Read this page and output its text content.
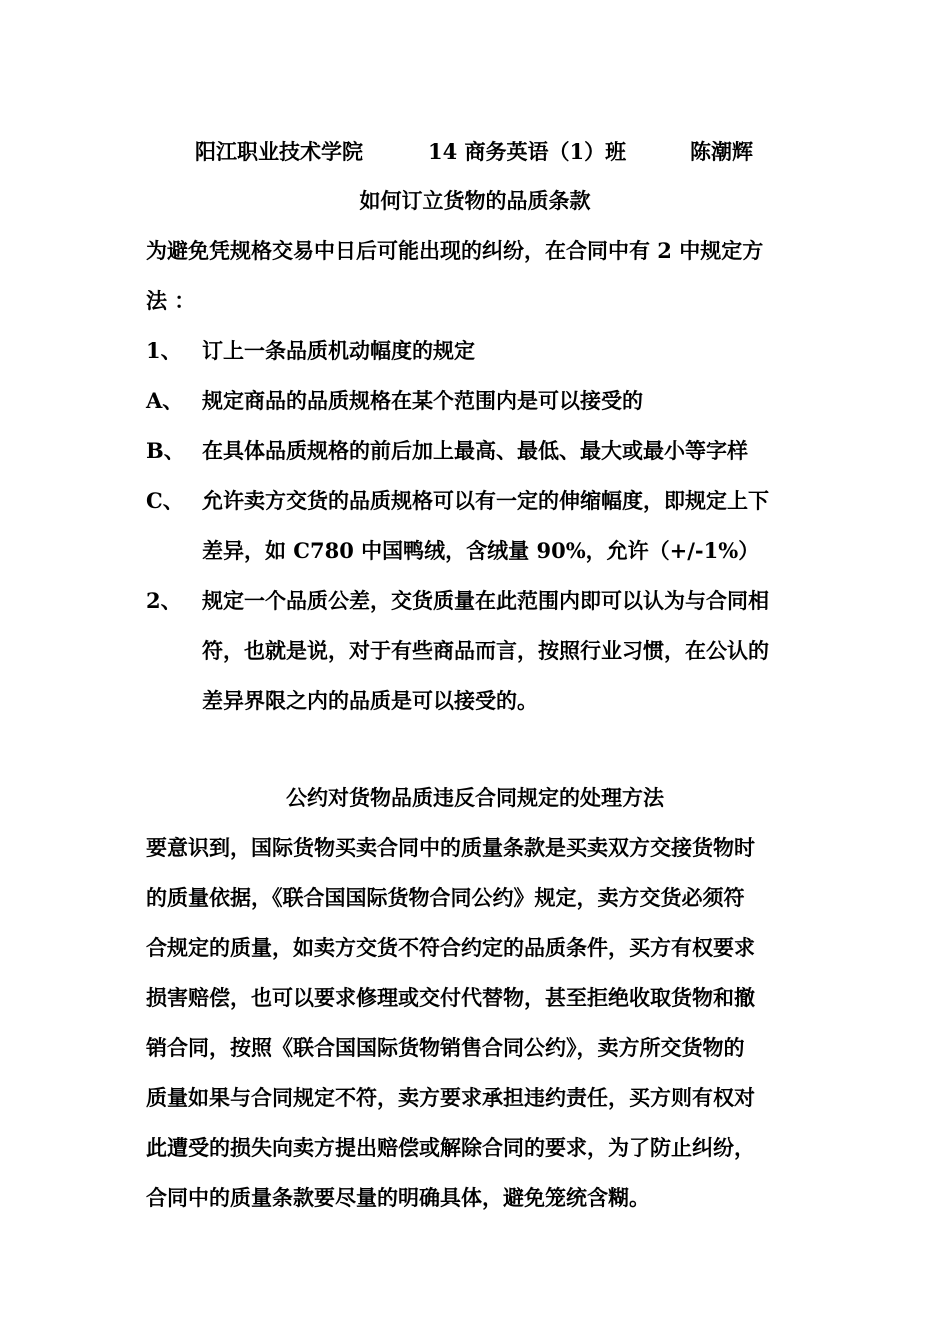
阳江职业技术学院	14 商务英语（1）班	陈潮辉
如何订立货物的品质条款
为避免凭规格交易中日后可能出现的纠纷，在合同中有 2 中规定方
法 ：
1、 订上一条品质机动幅度的规定
A、 规定商品的品质规格在某个范围内是可以接受的
B、 在具体品质规格的前后加上最高、最低、最大或最小等字样
C、 允许卖方交货的品质规格可以有一定的伸缩幅度，即规定上下
差异，如 C780 中国鸭绒，含绒量 90%，允许（+/-1%）
2、 规定一个品质公差，交货质量在此范围内即可以认为与合同相
符，也就是说，对于有些商品而言，按照行业习惯，在公认的
差异界限之内的品质是可以接受的。
公约对货物品质违反合同规定的处理方法
要意识到，国际货物买卖合同中的质量条款是买卖双方交接货物时
的质量依据，《联合国国际货物合同公约》规定，卖方交货必须符
合规定的质量，如卖方交货不符合约定的品质条件，买方有权要求
损害赔偿，也可以要求修理或交付代替物，甚至拒绝收取货物和撤
销合同，按照《联合国国际货物销售合同公约》，卖方所交货物的
质量如果与合同规定不符，卖方要求承担违约责任，买方则有权对
此遭受的损失向卖方提出赔偿或解除合同的要求，为了防止纠纷，
合同中的质量条款要尽量的明确具体，避免笼统含糊。
